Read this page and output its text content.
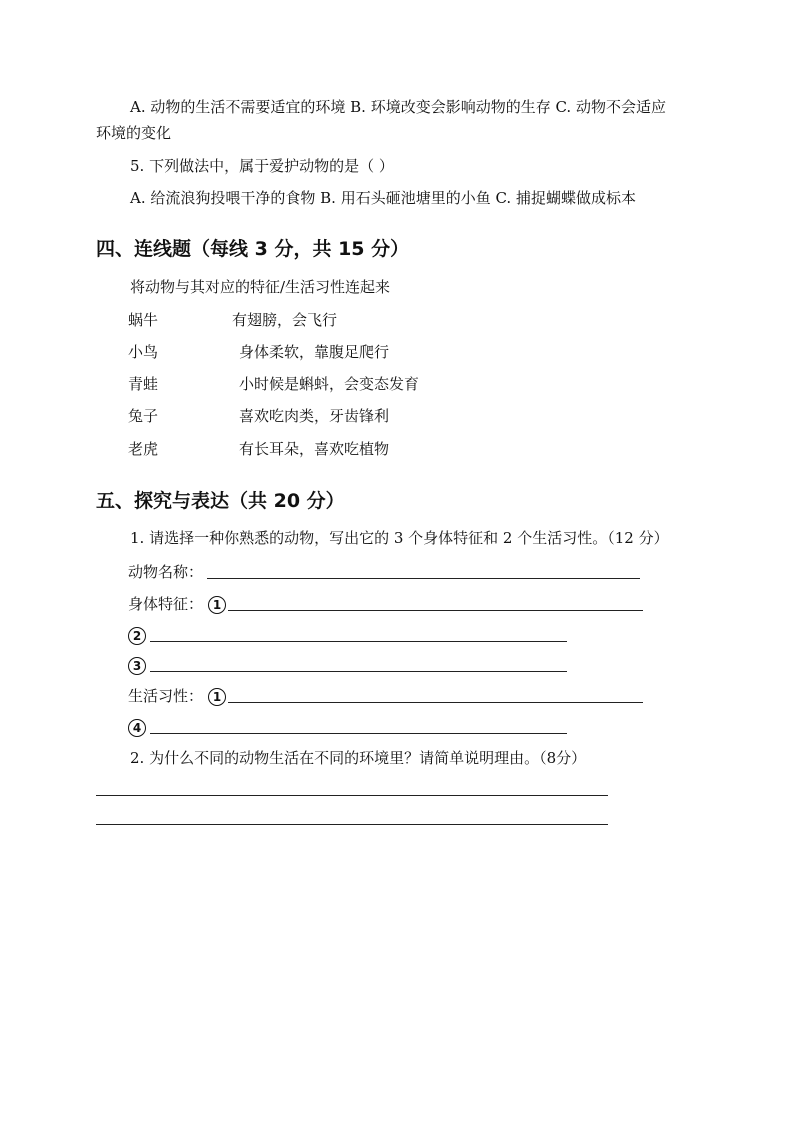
A. 动物的生活不需要适宜的环境 B. 环境改变会影响动物的生存 C. 动物不会适应
环境的变化
5. 下列做法中，属于爱护动物的是（ ）
A. 给流浪狗投喂干净的食物 B. 用石头砸池塘里的小鱼 C. 捕捉蝴蝶做成标本
四、连线题（每线 3 分，共 15 分）
将动物与其对应的特征/生活习性连起来
蜗牛	有翅膀，会飞行
小鸟	身体柔软，靠腹足爬行
青蛙	小时候是蝌蚪，会变态发育
兔子	喜欢吃肉类，牙齿锋利
老虎	有长耳朵，喜欢吃植物
五、探究与表达（共 20 分）
1. 请选择一种你熟悉的动物，写出它的 3 个身体特征和 2 个生活习性。（12 分）
动物名称：
身体特征： 1
2
3
生活习性： 1
4
2. 为什么不同的动物生活在不同的环境里？请简单说明理由。（8分）
